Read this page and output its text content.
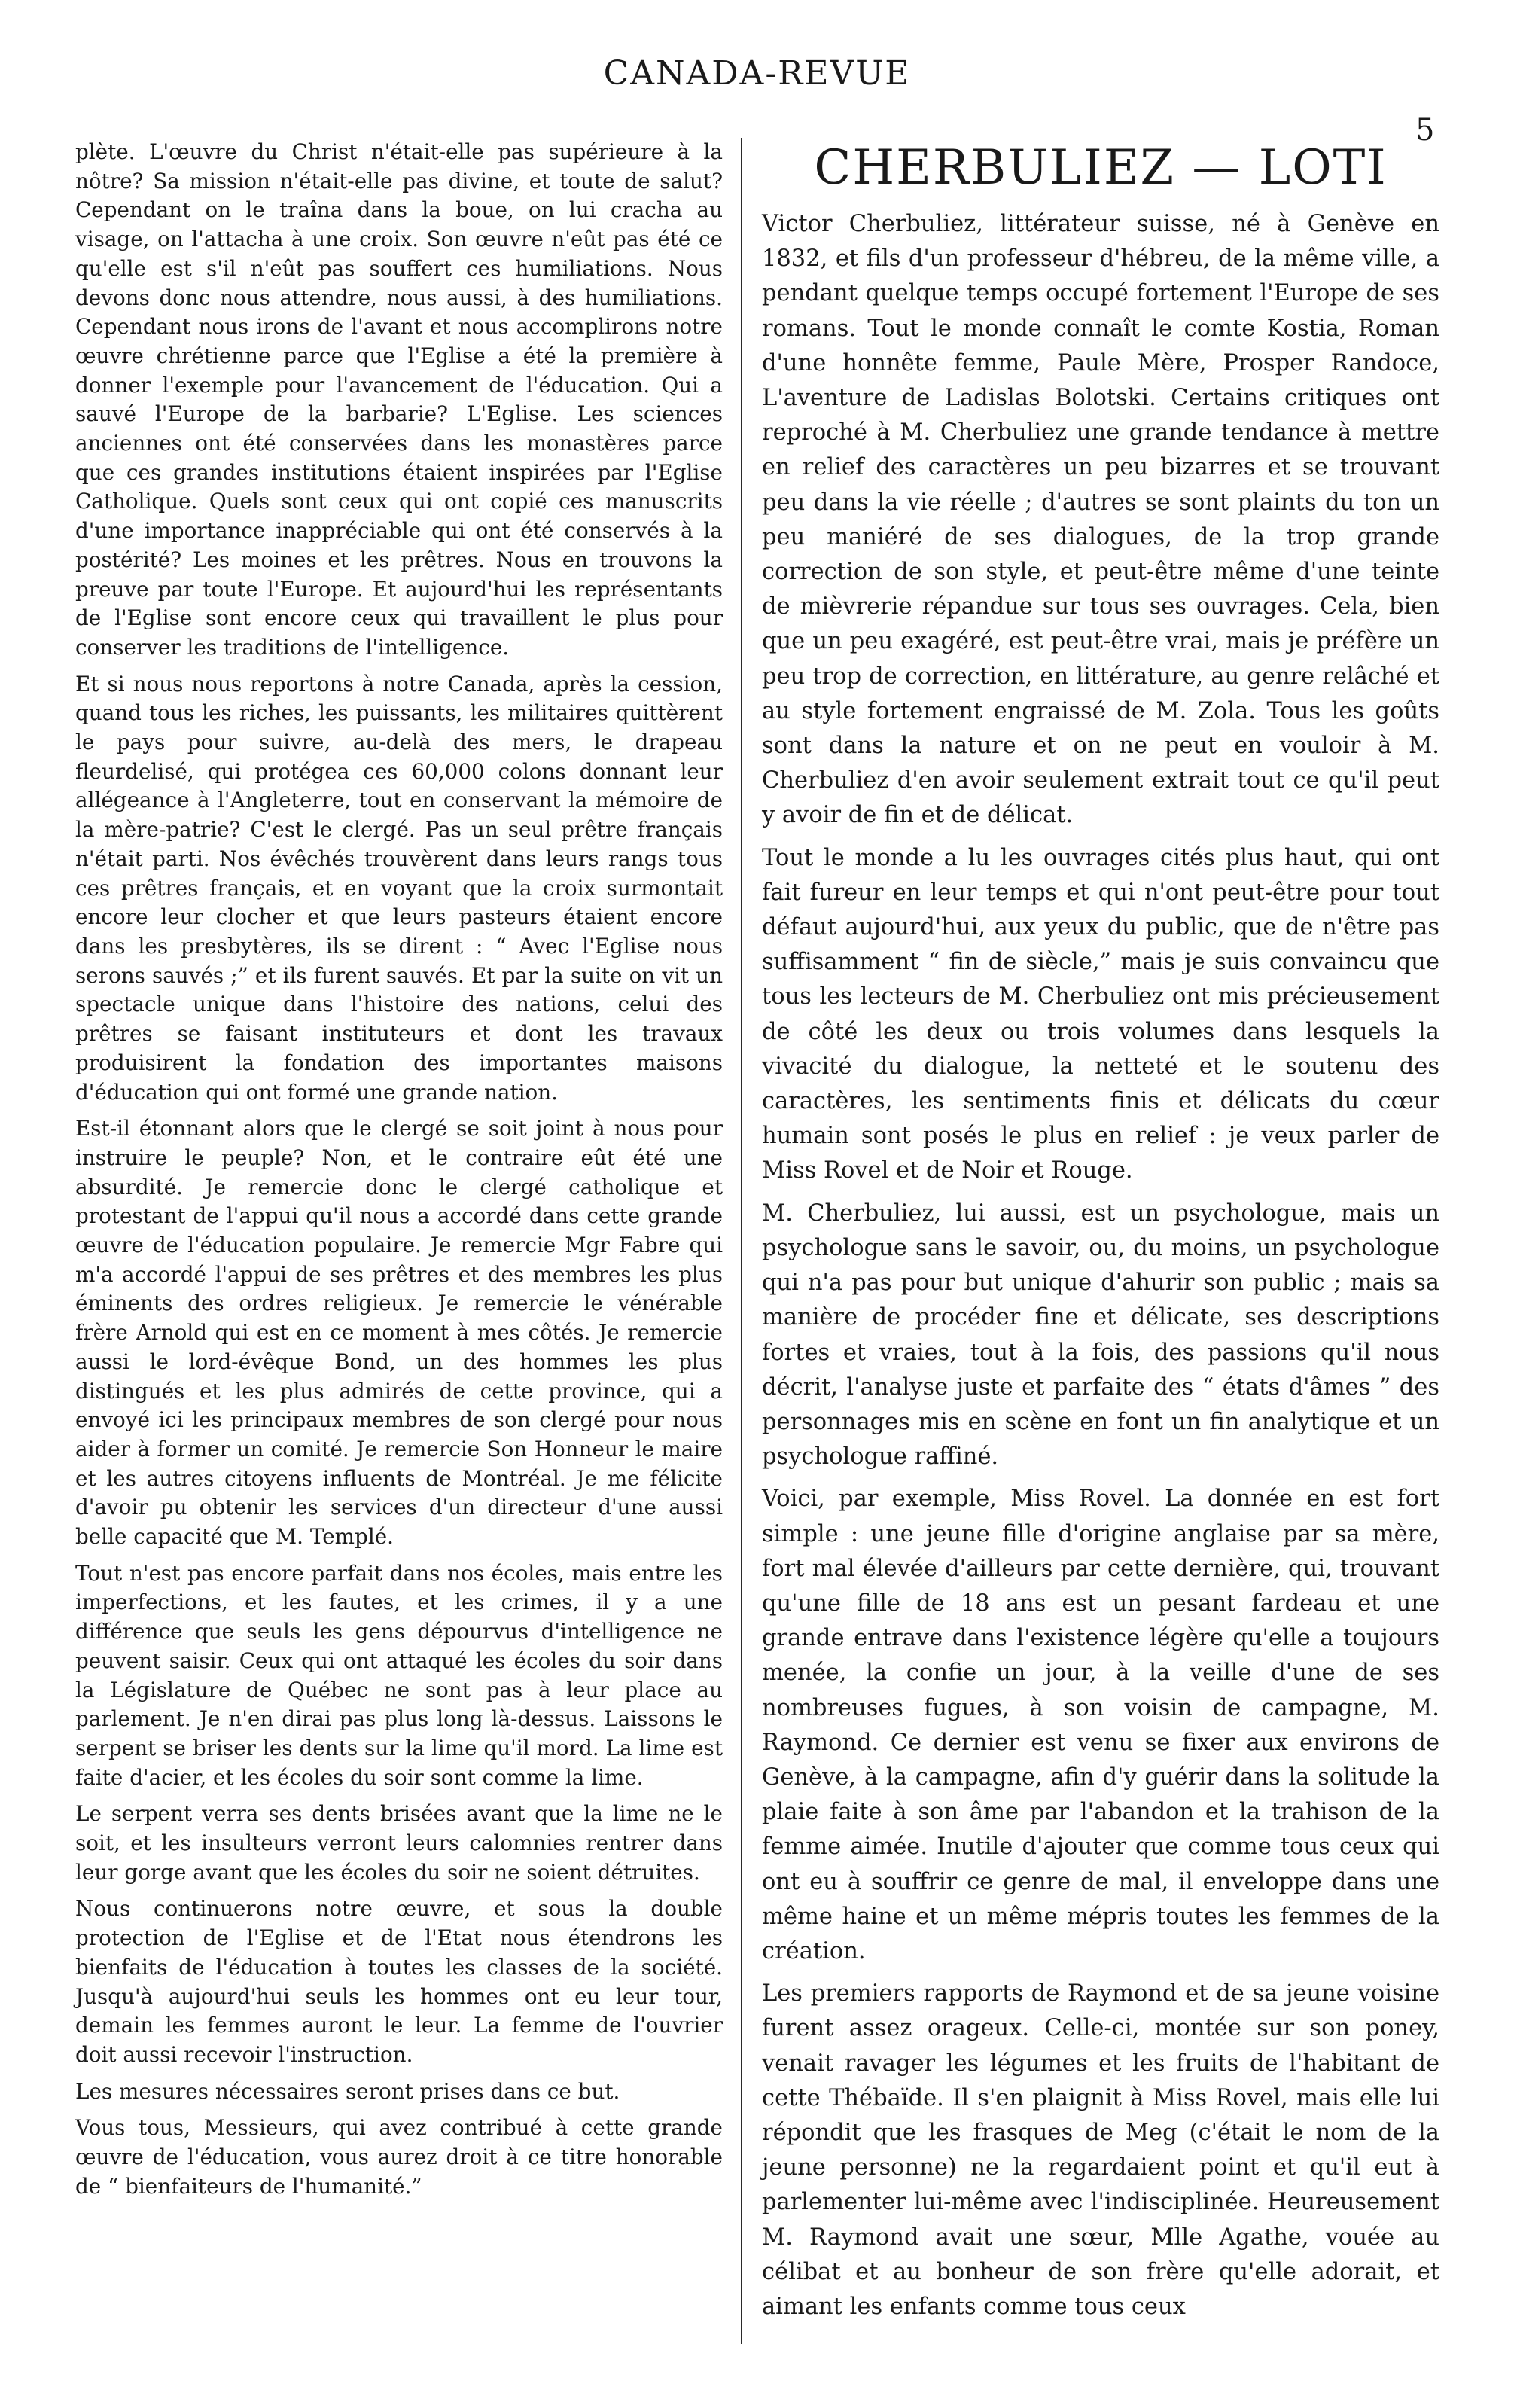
CANADA-REVUE
5

plète. L'œuvre du Christ n'était-elle pas supérieure à la nôtre? Sa mission n'était-elle pas divine, et toute de salut? Cependant on le traîna dans la boue, on lui cracha au visage, on l'attacha à une croix. Son œuvre n'eût pas été ce qu'elle est s'il n'eût pas souffert ces humiliations. Nous devons donc nous attendre, nous aussi, à des humiliations. Cependant nous irons de l'avant et nous accomplirons notre œuvre chrétienne parce que l'Eglise a été la première à donner l'exemple pour l'avancement de l'éducation. Qui a sauvé l'Europe de la barbarie? L'Eglise. Les sciences anciennes ont été conservées dans les monastères parce que ces grandes institutions étaient inspirées par l'Eglise Catholique. Quels sont ceux qui ont copié ces manuscrits d'une importance inappréciable qui ont été conservés à la postérité? Les moines et les prêtres. Nous en trouvons la preuve par toute l'Europe. Et aujourd'hui les représentants de l'Eglise sont encore ceux qui travaillent le plus pour conserver les traditions de l'intelligence.

Et si nous nous reportons à notre Canada, après la cession, quand tous les riches, les puissants, les militaires quittèrent le pays pour suivre, au-delà des mers, le drapeau fleurdelisé, qui protégea ces 60,000 colons donnant leur allégeance à l'Angleterre, tout en conservant la mémoire de la mère-patrie? C'est le clergé. Pas un seul prêtre français n'était parti. Nos évêchés trouvèrent dans leurs rangs tous ces prêtres français, et en voyant que la croix surmontait encore leur clocher et que leurs pasteurs étaient encore dans les presbytères, ils se dirent : “ Avec l'Eglise nous serons sauvés ;” et ils furent sauvés. Et par la suite on vit un spectacle unique dans l'histoire des nations, celui des prêtres se faisant instituteurs et dont les travaux produisirent la fondation des importantes maisons d'éducation qui ont formé une grande nation.

Est-il étonnant alors que le clergé se soit joint à nous pour instruire le peuple? Non, et le contraire eût été une absurdité. Je remercie donc le clergé catholique et protestant de l'appui qu'il nous a accordé dans cette grande œuvre de l'éducation populaire. Je remercie Mgr Fabre qui m'a accordé l'appui de ses prêtres et des membres les plus éminents des ordres religieux. Je remercie le vénérable frère Arnold qui est en ce moment à mes côtés. Je remercie aussi le lord-évêque Bond, un des hommes les plus distingués et les plus admirés de cette province, qui a envoyé ici les principaux membres de son clergé pour nous aider à former un comité. Je remercie Son Honneur le maire et les autres citoyens influents de Montréal. Je me félicite d'avoir pu obtenir les services d'un directeur d'une aussi belle capacité que M. Templé.

Tout n'est pas encore parfait dans nos écoles, mais entre les imperfections, et les fautes, et les crimes, il y a une différence que seuls les gens dépourvus d'intelligence ne peuvent saisir. Ceux qui ont attaqué les écoles du soir dans la Législature de Québec ne sont pas à leur place au parlement. Je n'en dirai pas plus long là-dessus. Laissons le serpent se briser les dents sur la lime qu'il mord. La lime est faite d'acier, et les écoles du soir sont comme la lime.

Le serpent verra ses dents brisées avant que la lime ne le soit, et les insulteurs verront leurs calomnies rentrer dans leur gorge avant que les écoles du soir ne soient détruites.

Nous continuerons notre œuvre, et sous la double protection de l'Eglise et de l'Etat nous étendrons les bienfaits de l'éducation à toutes les classes de la société. Jusqu'à aujourd'hui seuls les hommes ont eu leur tour, demain les femmes auront le leur. La femme de l'ouvrier doit aussi recevoir l'instruction.

Les mesures nécessaires seront prises dans ce but.

Vous tous, Messieurs, qui avez contribué à cette grande œuvre de l'éducation, vous aurez droit à ce titre honorable de “ bienfaiteurs de l'humanité.”

CHERBULIEZ — LOTI

Victor Cherbuliez, littérateur suisse, né à Genève en 1832, et fils d'un professeur d'hébreu, de la même ville, a pendant quelque temps occupé fortement l'Europe de ses romans. Tout le monde connaît le comte Kostia, Roman d'une honnête femme, Paule Mère, Prosper Randoce, L'aventure de Ladislas Bolotski. Certains critiques ont reproché à M. Cherbuliez une grande tendance à mettre en relief des caractères un peu bizarres et se trouvant peu dans la vie réelle ; d'autres se sont plaints du ton un peu maniéré de ses dialogues, de la trop grande correction de son style, et peut-être même d'une teinte de mièvrerie répandue sur tous ses ouvrages. Cela, bien que un peu exagéré, est peut-être vrai, mais je préfère un peu trop de correction, en littérature, au genre relâché et au style fortement engraissé de M. Zola. Tous les goûts sont dans la nature et on ne peut en vouloir à M. Cherbuliez d'en avoir seulement extrait tout ce qu'il peut y avoir de fin et de délicat.

Tout le monde a lu les ouvrages cités plus haut, qui ont fait fureur en leur temps et qui n'ont peut-être pour tout défaut aujourd'hui, aux yeux du public, que de n'être pas suffisamment “ fin de siècle,” mais je suis convaincu que tous les lecteurs de M. Cherbuliez ont mis précieusement de côté les deux ou trois volumes dans lesquels la vivacité du dialogue, la netteté et le soutenu des caractères, les sentiments finis et délicats du cœur humain sont posés le plus en relief : je veux parler de Miss Rovel et de Noir et Rouge.

M. Cherbuliez, lui aussi, est un psychologue, mais un psychologue sans le savoir, ou, du moins, un psychologue qui n'a pas pour but unique d'ahurir son public ; mais sa manière de procéder fine et délicate, ses descriptions fortes et vraies, tout à la fois, des passions qu'il nous décrit, l'analyse juste et parfaite des “ états d'âmes ” des personnages mis en scène en font un fin analytique et un psychologue raffiné.

Voici, par exemple, Miss Rovel. La donnée en est fort simple : une jeune fille d'origine anglaise par sa mère, fort mal élevée d'ailleurs par cette dernière, qui, trouvant qu'une fille de 18 ans est un pesant fardeau et une grande entrave dans l'existence légère qu'elle a toujours menée, la confie un jour, à la veille d'une de ses nombreuses fugues, à son voisin de campagne, M. Raymond. Ce dernier est venu se fixer aux environs de Genève, à la campagne, afin d'y guérir dans la solitude la plaie faite à son âme par l'abandon et la trahison de la femme aimée. Inutile d'ajouter que comme tous ceux qui ont eu à souffrir ce genre de mal, il enveloppe dans une même haine et un même mépris toutes les femmes de la création.

Les premiers rapports de Raymond et de sa jeune voisine furent assez orageux. Celle-ci, montée sur son poney, venait ravager les légumes et les fruits de l'habitant de cette Thébaïde. Il s'en plaignit à Miss Rovel, mais elle lui répondit que les frasques de Meg (c'était le nom de la jeune personne) ne la regardaient point et qu'il eut à parlementer lui-même avec l'indisciplinée. Heureusement M. Raymond avait une sœur, Mlle Agathe, vouée au célibat et au bonheur de son frère qu'elle adorait, et aimant les enfants comme tous ceux
